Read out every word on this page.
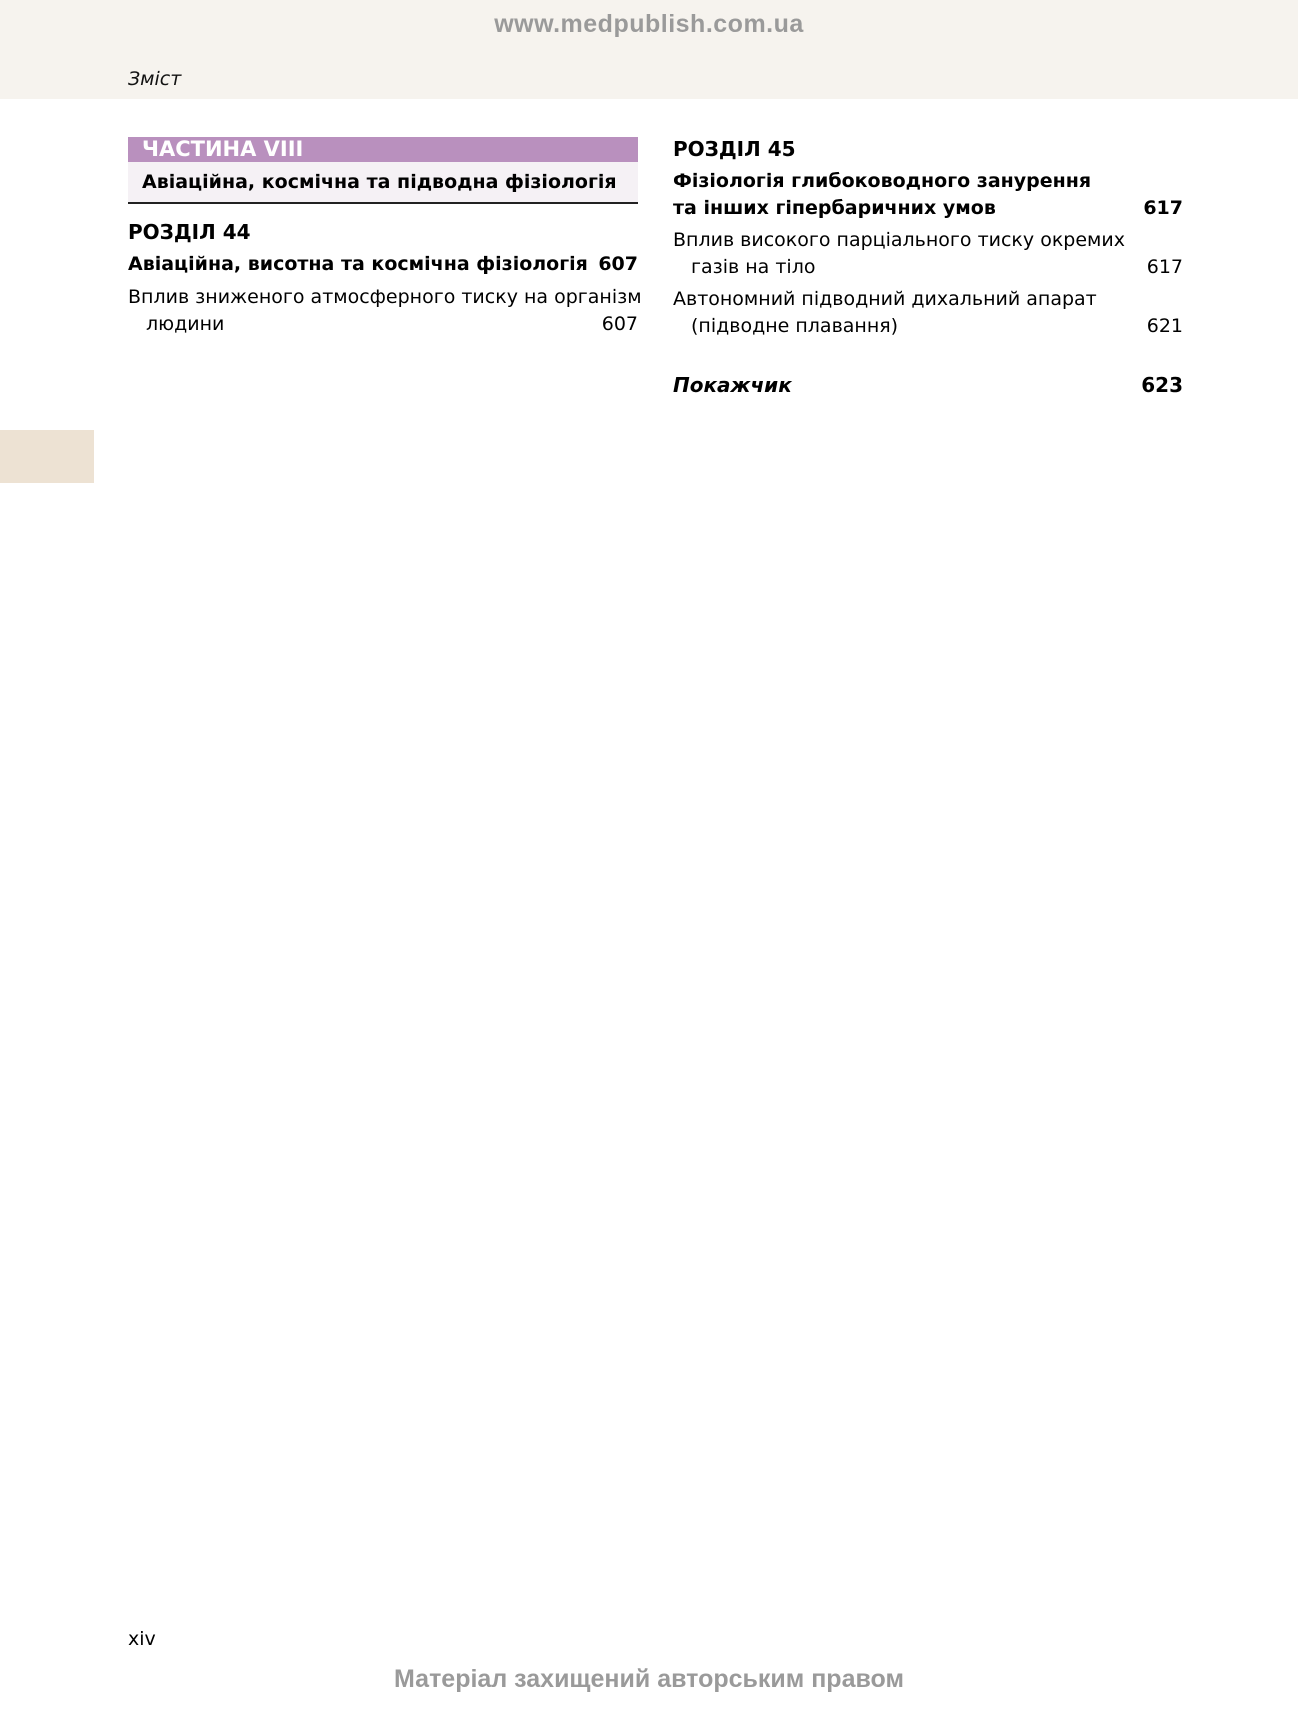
www.medpublish.com.ua
Зміст
ЧАСТИНА VIII
Авіаційна, космічна та підводна фізіологія
РОЗДІЛ 44
Авіаційна, висотна та космічна фізіологія 607
Вплив зниженого атмосферного тиску на організм
людини	607
РОЗДІЛ 45
Фізіологія глибоководного занурення
та інших гіпербаричних умов	617
Вплив високого парціального тиску окремих
газів на тіло	617
Автономний підводний дихальний апарат
(підводне плавання)	621
Покажчик	623
xiv
Матеріал захищений авторським правом
